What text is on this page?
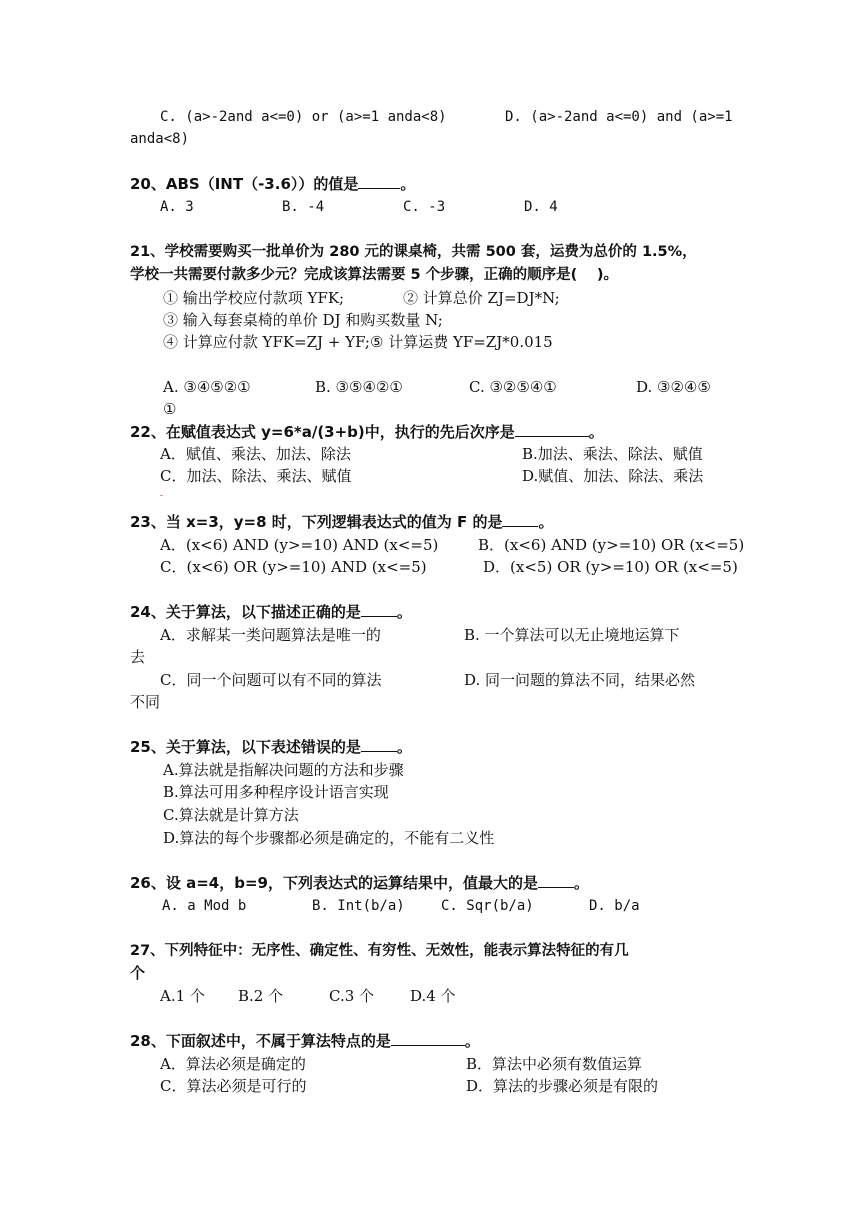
C. (a>-2and a<=0) or (a>=1 anda<8)	D. (a>-2and a<=0) and (a>=1
anda<8)
20、ABS（INT（-3.6））的值是	。
A. 3	B. -4	C. -3	D. 4
21、学校需要购买一批单价为 280 元的课桌椅，共需 500 套，运费为总价的 1.5%，
学校一共需要付款多少元？完成该算法需要 5 个步骤，正确的顺序是(　 )。
① 输出学校应付款项 YFK;	② 计算总价 ZJ=DJ*N;
③ 输入每套桌椅的单价 DJ 和购买数量 N;
④ 计算应付款 YFK=ZJ + YF;⑤ 计算运费 YF=ZJ*0.015
A. ③④⑤②①	B. ③⑤④②①	C. ③②⑤④①	D. ③②④⑤
①
22、在赋值表达式 y=6*a/(3+b)中，执行的先后次序是	。
A．赋值、乘法、加法、除法	B.加法、乘法、除法、赋值
C．加法、除法、乘法、赋值	D.赋值、加法、除法、乘法
23、当 x=3，y=8 时，下列逻辑表达式的值为 F 的是 。
A．(x<6) AND (y>=10) AND (x<=5)	B．(x<6) AND (y>=10) OR (x<=5)
C．(x<6) OR (y>=10) AND (x<=5)	D．(x<5) OR (y>=10) OR (x<=5)
24、关于算法，以下描述正确的是 。
A．求解某一类问题算法是唯一的	B. 一个算法可以无止境地运算下
去
C．同一个问题可以有不同的算法	D. 同一问题的算法不同，结果必然
不同
25、关于算法，以下表述错误的是 。
A.算法就是指解决问题的方法和步骤
B.算法可用多种程序设计语言实现
C.算法就是计算方法
D.算法的每个步骤都必须是确定的，不能有二义性
26、设 a=4，b=9，下列表达式的运算结果中，值最大的是 。
A. a Mod b	B. Int(b/a)	C. Sqr(b/a)	D. b/a
27、下列特征中：无序性、确定性、有穷性、无效性，能表示算法特征的有几
个
A.1 个 B.2 个	C.3 个 D.4 个
28、下面叙述中，不属于算法特点的是	。
A．算法必须是确定的	B．算法中必须有数值运算
C．算法必须是可行的	D．算法的步骤必须是有限的
